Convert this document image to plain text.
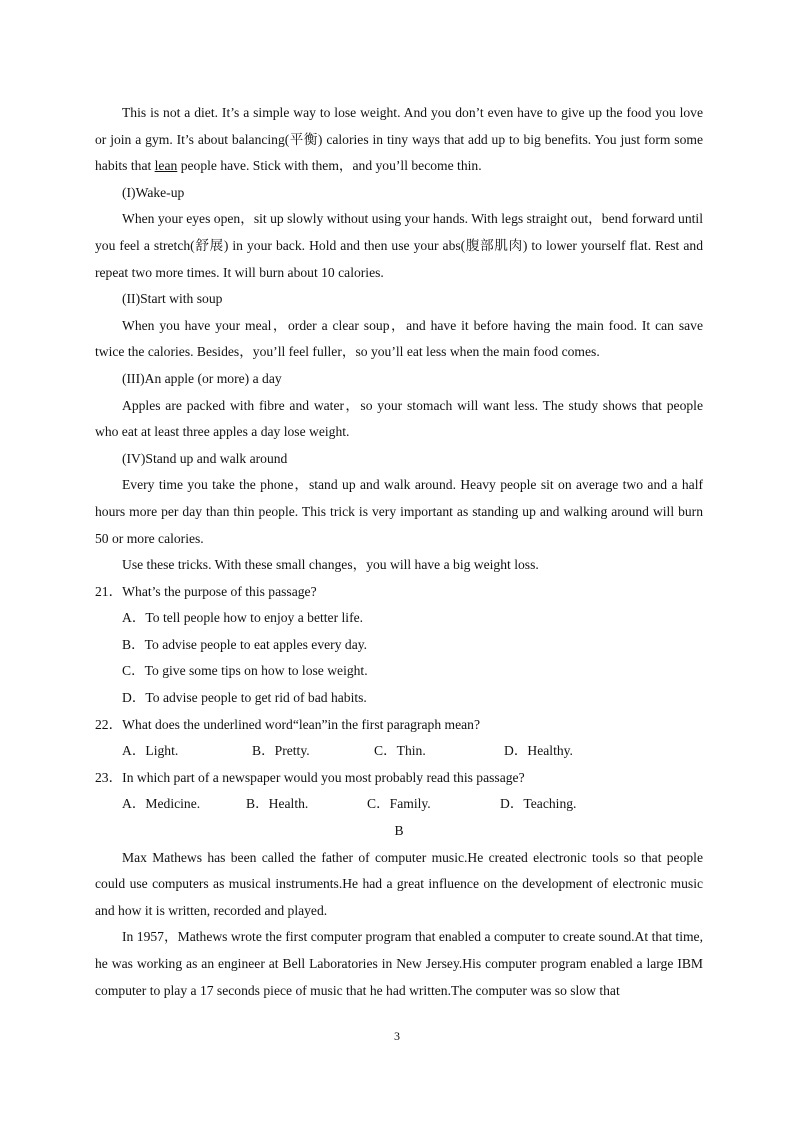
This is not a diet. It’s a simple way to lose weight. And you don’t even have to give up the food you love or join a gym. It’s about balancing(平衡) calories in tiny ways that add up to big benefits. You just form some habits that lean people have. Stick with them，and you’ll become thin.

(I)Wake-up

When your eyes open，sit up slowly without using your hands. With legs straight out，bend forward until you feel a stretch(舒展) in your back. Hold and then use your abs(腹部肌肉) to lower yourself flat. Rest and repeat two more times. It will burn about 10 calories.

(II)Start with soup

When you have your meal，order a clear soup，and have it before having the main food. It can save twice the calories. Besides，you’ll feel fuller，so you’ll eat less when the main food comes.

(III)An apple (or more) a day

Apples are packed with fibre and water，so your stomach will want less. The study shows that people who eat at least three apples a day lose weight.

(IV)Stand up and walk around

Every time you take the phone，stand up and walk around. Heavy people sit on average two and a half hours more per day than thin people. This trick is very important as standing up and walking around will burn 50 or more calories.

Use these tricks. With these small changes，you will have a big weight loss.

21．What’s the purpose of this passage?

A．To tell people how to enjoy a better life.

B．To advise people to eat apples every day.

C．To give some tips on how to lose weight.

D．To advise people to get rid of bad habits.

22．What does the underlined word“lean”in the first paragraph mean?

A．Light.	B．Pretty.	C．Thin.	D．Healthy.

23．In which part of a newspaper would you most probably read this passage?

A．Medicine.	B．Health.	C．Family.	D．Teaching.

B

Max Mathews has been called the father of computer music.He created electronic tools so that people could use computers as musical instruments.He had a great influence on the development of electronic music and how it is written, recorded and played.

In 1957，Mathews wrote the first computer program that enabled a computer to create sound.At that time, he was working as an engineer at Bell Laboratories in New Jersey.His computer program enabled a large IBM computer to play a 17 seconds piece of music that he had written.The computer was so slow that

3
